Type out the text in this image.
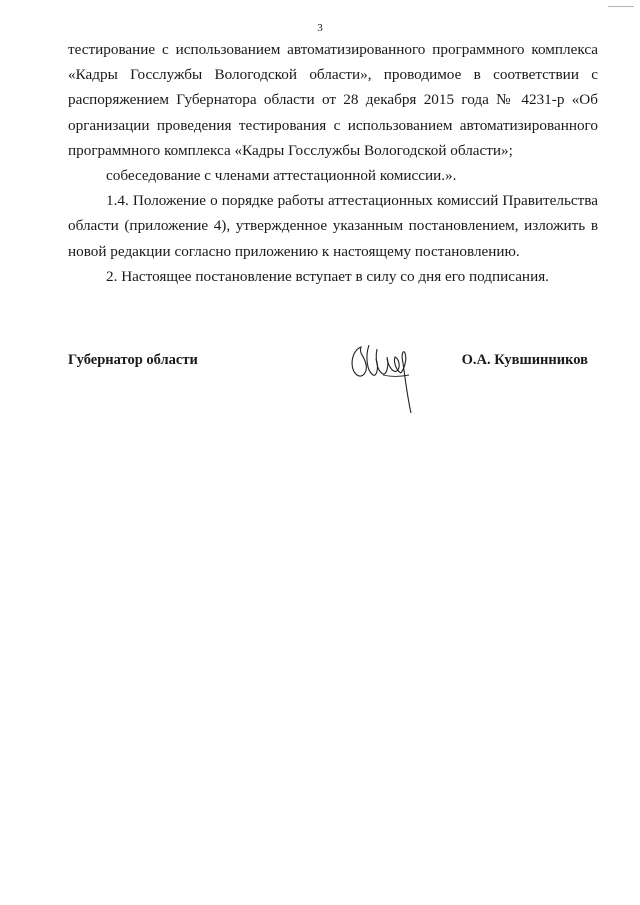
3

тестирование с использованием автоматизированного программного комплекса «Кадры Госслужбы Вологодской области», проводимое в соответствии с распоряжением Губернатора области от 28 декабря 2015 года № 4231-р «Об организации проведения тестирования с использованием автоматизированного программного комплекса «Кадры Госслужбы Вологодской области»;

собеседование с членами аттестационной комиссии.».

1.4. Положение о порядке работы аттестационных комиссий Правительства области (приложение 4), утвержденное указанным постановлением, изложить в новой редакции согласно приложению к настоящему постановлению.

2. Настоящее постановление вступает в силу со дня его подписания.

Губернатор области	О.А. Кувшинников
